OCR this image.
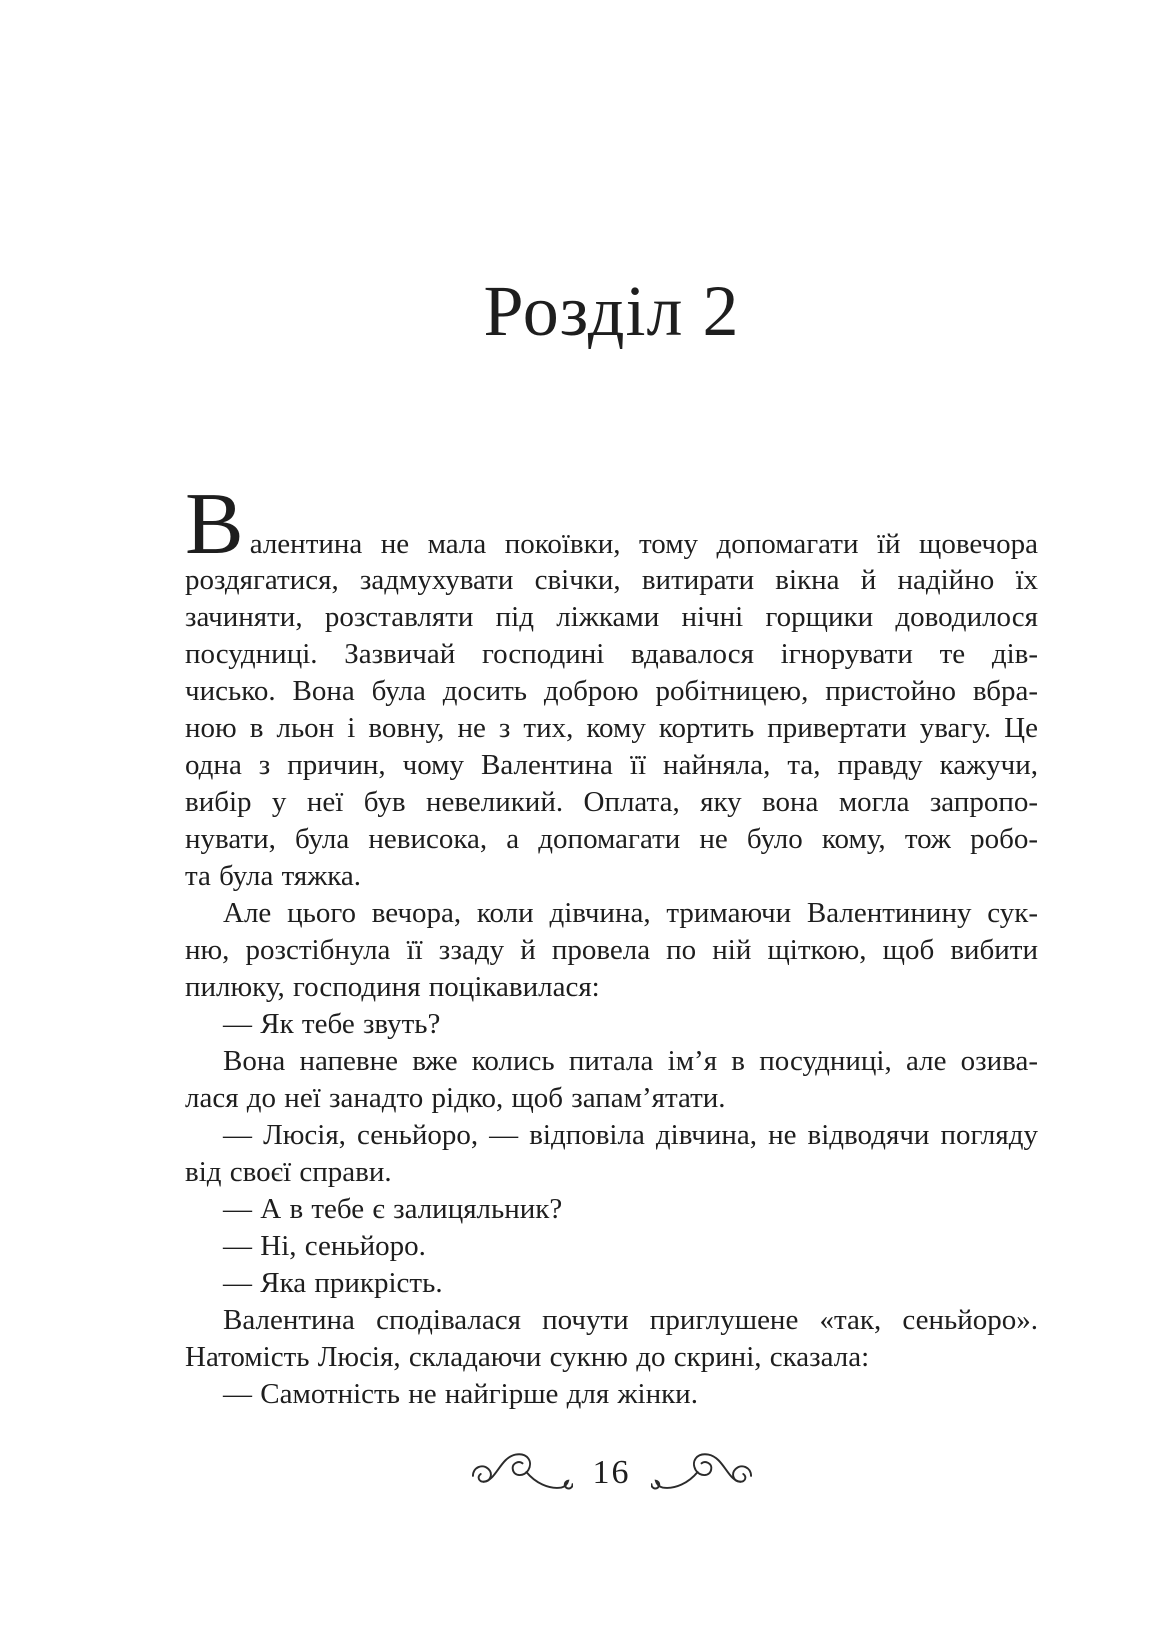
Розділ 2
Валентина не мала покоївки, тому допомагати їй щовечора
роздягатися, задмухувати свічки, витирати вікна й надійно їх
зачиняти, розставляти під ліжками нічні горщики доводилося
посудниці. Зазвичай господині вдавалося ігнорувати те дів-
чисько. Вона була досить доброю робітницею, пристойно вбра-
ною в льон і вовну, не з тих, кому кортить привертати увагу. Це
одна з причин, чому Валентина її найняла, та, правду кажучи,
вибір у неї був невеликий. Оплата, яку вона могла запропо-
нувати, була невисока, а допомагати не було кому, тож робо-
та була тяжка.
Але цього вечора, коли дівчина, тримаючи Валентинину сук-
ню, розстібнула її ззаду й провела по ній щіткою, щоб вибити
пилюку, господиня поцікавилася:
— Як тебе звуть?
Вона напевне вже колись питала ім’я в посудниці, але озива-
лася до неї занадто рідко, щоб запам’ятати.
— Люсія, сеньйоро, — відповіла дівчина, не відводячи погляду
від своєї справи.
— А в тебе є залицяльник?
— Ні, сеньйоро.
— Яка прикрість.
Валентина сподівалася почути приглушене «так, сеньйоро».
Натомість Люсія, складаючи сукню до скрині, сказала:
— Самотність не найгірше для жінки.
16
